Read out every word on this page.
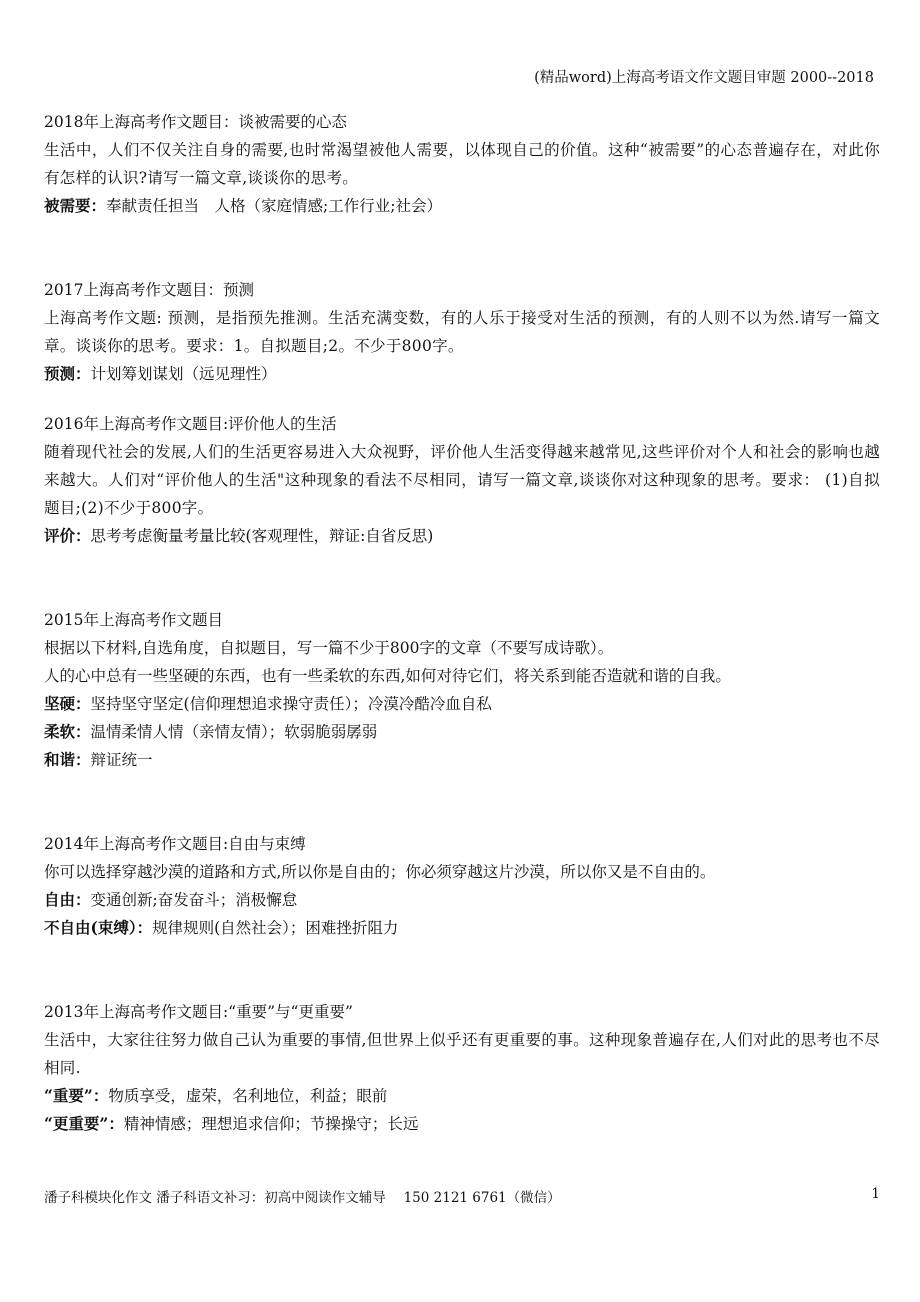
(精品word)上海高考语文作文题目审题 2000--2018
2018年上海高考作文题目：谈被需要的心态
生活中，人们不仅关注自身的需要,也时常渴望被他人需要，以体现自己的价值。这种“被需要”的心态普遍存在，对此你有怎样的认识?请写一篇文章,谈谈你的思考。
被需要：奉献责任担当　人格（家庭情感;工作行业;社会）
2017上海高考作文题目：预测
上海高考作文题: 预测，是指预先推测。生活充满变数，有的人乐于接受对生活的预测，有的人则不以为然.请写一篇文章。谈谈你的思考。要求：1。自拟题目;2。不少于800字。
预测：计划筹划谋划（远见理性）
2016年上海高考作文题目:评价他人的生活
随着现代社会的发展,人们的生活更容易进入大众视野，评价他人生活变得越来越常见,这些评价对个人和社会的影响也越来越大。人们对“评价他人的生活"这种现象的看法不尽相同，请写一篇文章,谈谈你对这种现象的思考。要求： (1)自拟题目;(2)不少于800字。
评价：思考考虑衡量考量比较(客观理性，辩证:自省反思)
2015年上海高考作文题目
根据以下材料,自选角度，自拟题目，写一篇不少于800字的文章（不要写成诗歌）。
人的心中总有一些坚硬的东西，也有一些柔软的东西,如何对待它们，将关系到能否造就和谐的自我。
坚硬：坚持坚守坚定(信仰理想追求操守责任）；冷漠冷酷冷血自私
柔软：温情柔情人情（亲情友情）；软弱脆弱孱弱
和谐：辩证统一
2014年上海高考作文题目:自由与束缚
你可以选择穿越沙漠的道路和方式,所以你是自由的；你必须穿越这片沙漠，所以你又是不自由的。
自由：变通创新;奋发奋斗；消极懈怠
不自由(束缚）：规律规则(自然社会）；困难挫折阻力
2013年上海高考作文题目:“重要”与“更重要”
生活中，大家往往努力做自己认为重要的事情,但世界上似乎还有更重要的事。这种现象普遍存在,人们对此的思考也不尽相同.
“重要”：物质享受，虚荣，名利地位，利益；眼前
“更重要”：精神情感；理想追求信仰；节操操守；长远
潘子科模块化作文 潘子科语文补习：初高中阅读作文辅导　 150 2121 6761（微信）	1
